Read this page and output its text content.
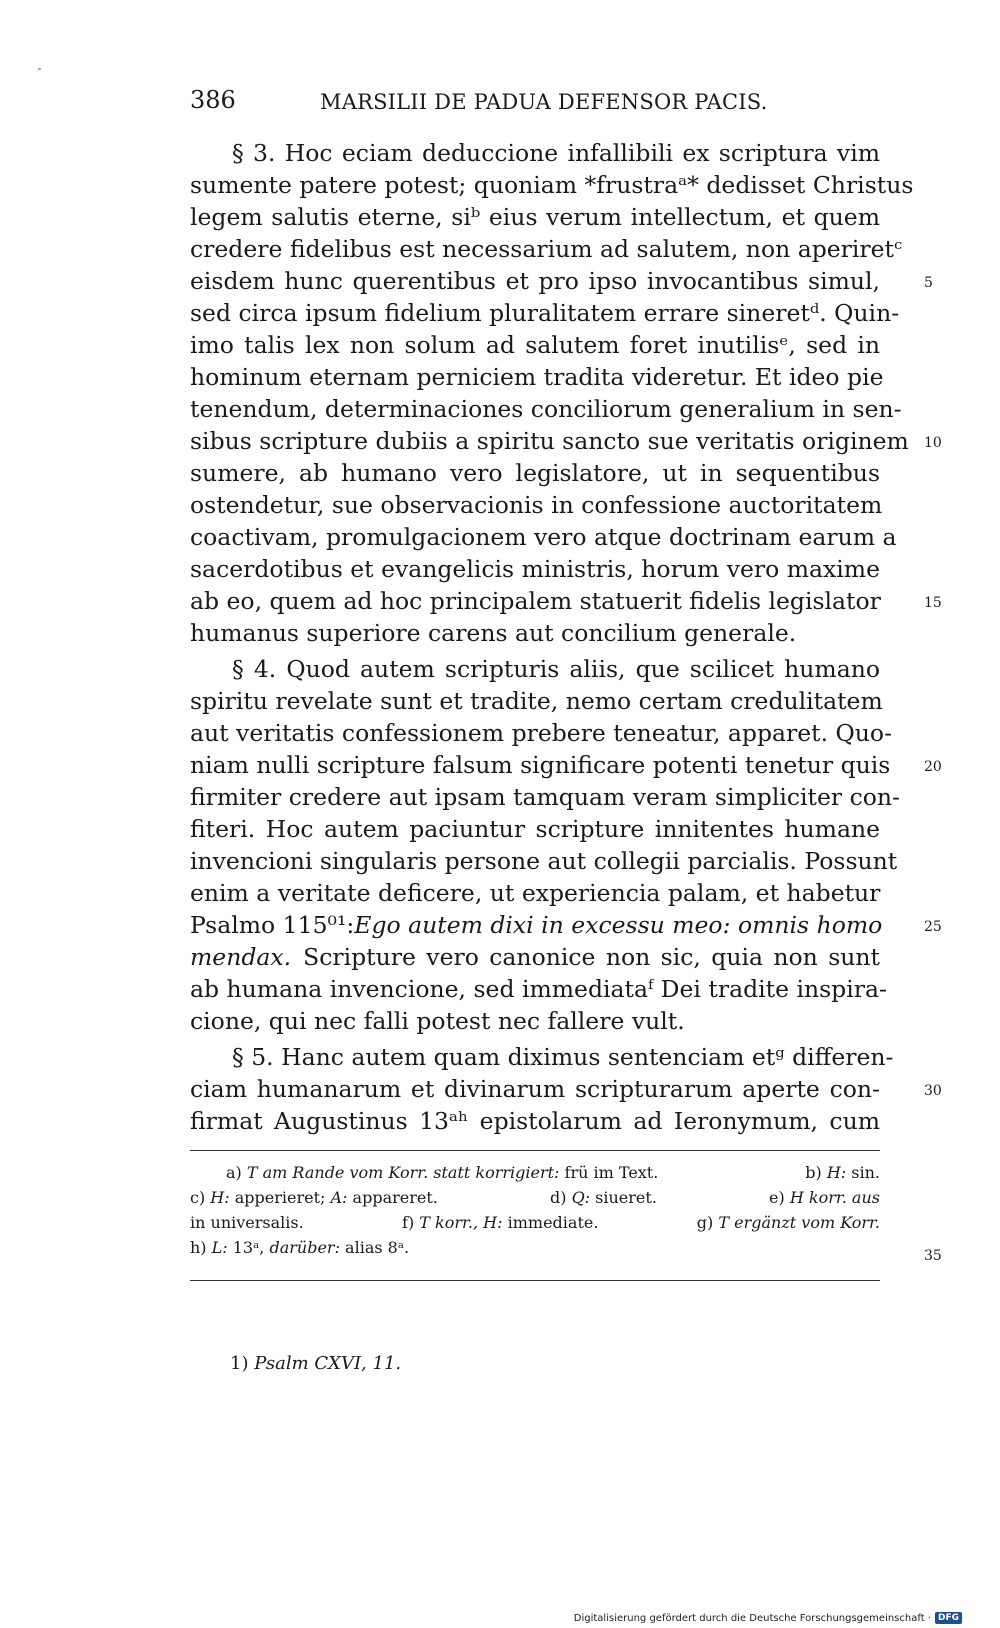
386	MARSILII DE PADUA DEFENSOR PACIS.
§ 3. Hoc eciam deduccione infallibili ex scriptura vim
sumente patere potest; quoniam *frustraᵃ* dedisset Christus
legem salutis eterne, siᵇ eius verum intellectum, et quem
credere fidelibus est necessarium ad salutem, non aperiretᶜ
eisdem hunc querentibus et pro ipso invocantibus simul,
sed circa ipsum fidelium pluralitatem errare sineretᵈ. Quin-
imo talis lex non solum ad salutem foret inutilisᵉ, sed in
hominum eternam perniciem tradita videretur. Et ideo pie
tenendum, determinaciones conciliorum generalium in sen-
sibus scripture dubiis a spiritu sancto sue veritatis originem
sumere, ab humano vero legislatore, ut in sequentibus
ostendetur, sue observacionis in confessione auctoritatem
coactivam, promulgacionem vero atque doctrinam earum a
sacerdotibus et evangelicis ministris, horum vero maxime
ab eo, quem ad hoc principalem statuerit fidelis legislator
humanus superiore carens aut concilium generale.
§ 4. Quod autem scripturis aliis, que scilicet humano
spiritu revelate sunt et tradite, nemo certam credulitatem
aut veritatis confessionem prebere teneatur, apparet. Quo-
niam nulli scripture falsum significare potenti tenetur quis
firmiter credere aut ipsam tamquam veram simpliciter con-
fiteri. Hoc autem paciuntur scripture innitentes humane
invencioni singularis persone aut collegii parcialis. Possunt
enim a veritate deficere, ut experiencia palam, et habetur
Psalmo 115⁰¹: Ego autem dixi in excessu meo: omnis homo
mendax. Scripture vero canonice non sic, quia non sunt
ab humana invencione, sed immediataᶠ Dei tradite inspira-
cione, qui nec falli potest nec fallere vult.
§ 5. Hanc autem quam diximus sentenciam etᵍ differen-
ciam humanarum et divinarum scripturarum aperte con-
firmat Augustinus 13ᵃʰ epistolarum ad Ieronymum, cum
5
10
15
20
25
30
35
a) T am Rande vom Korr. statt korrigiert: frü im Text.	b) H: sin.
c) H: apperieret; A: appareret.	d) Q: siueret.	e) H korr. aus
in universalis.	f) T korr., H: immediate.	g) T ergänzt vom Korr.
h) L: 13ᵃ, darüber: alias 8ᵃ.
1) Psalm CXVI, 11.
Digitalisierung gefördert durch die Deutsche Forschungsgemeinschaft · DFG
